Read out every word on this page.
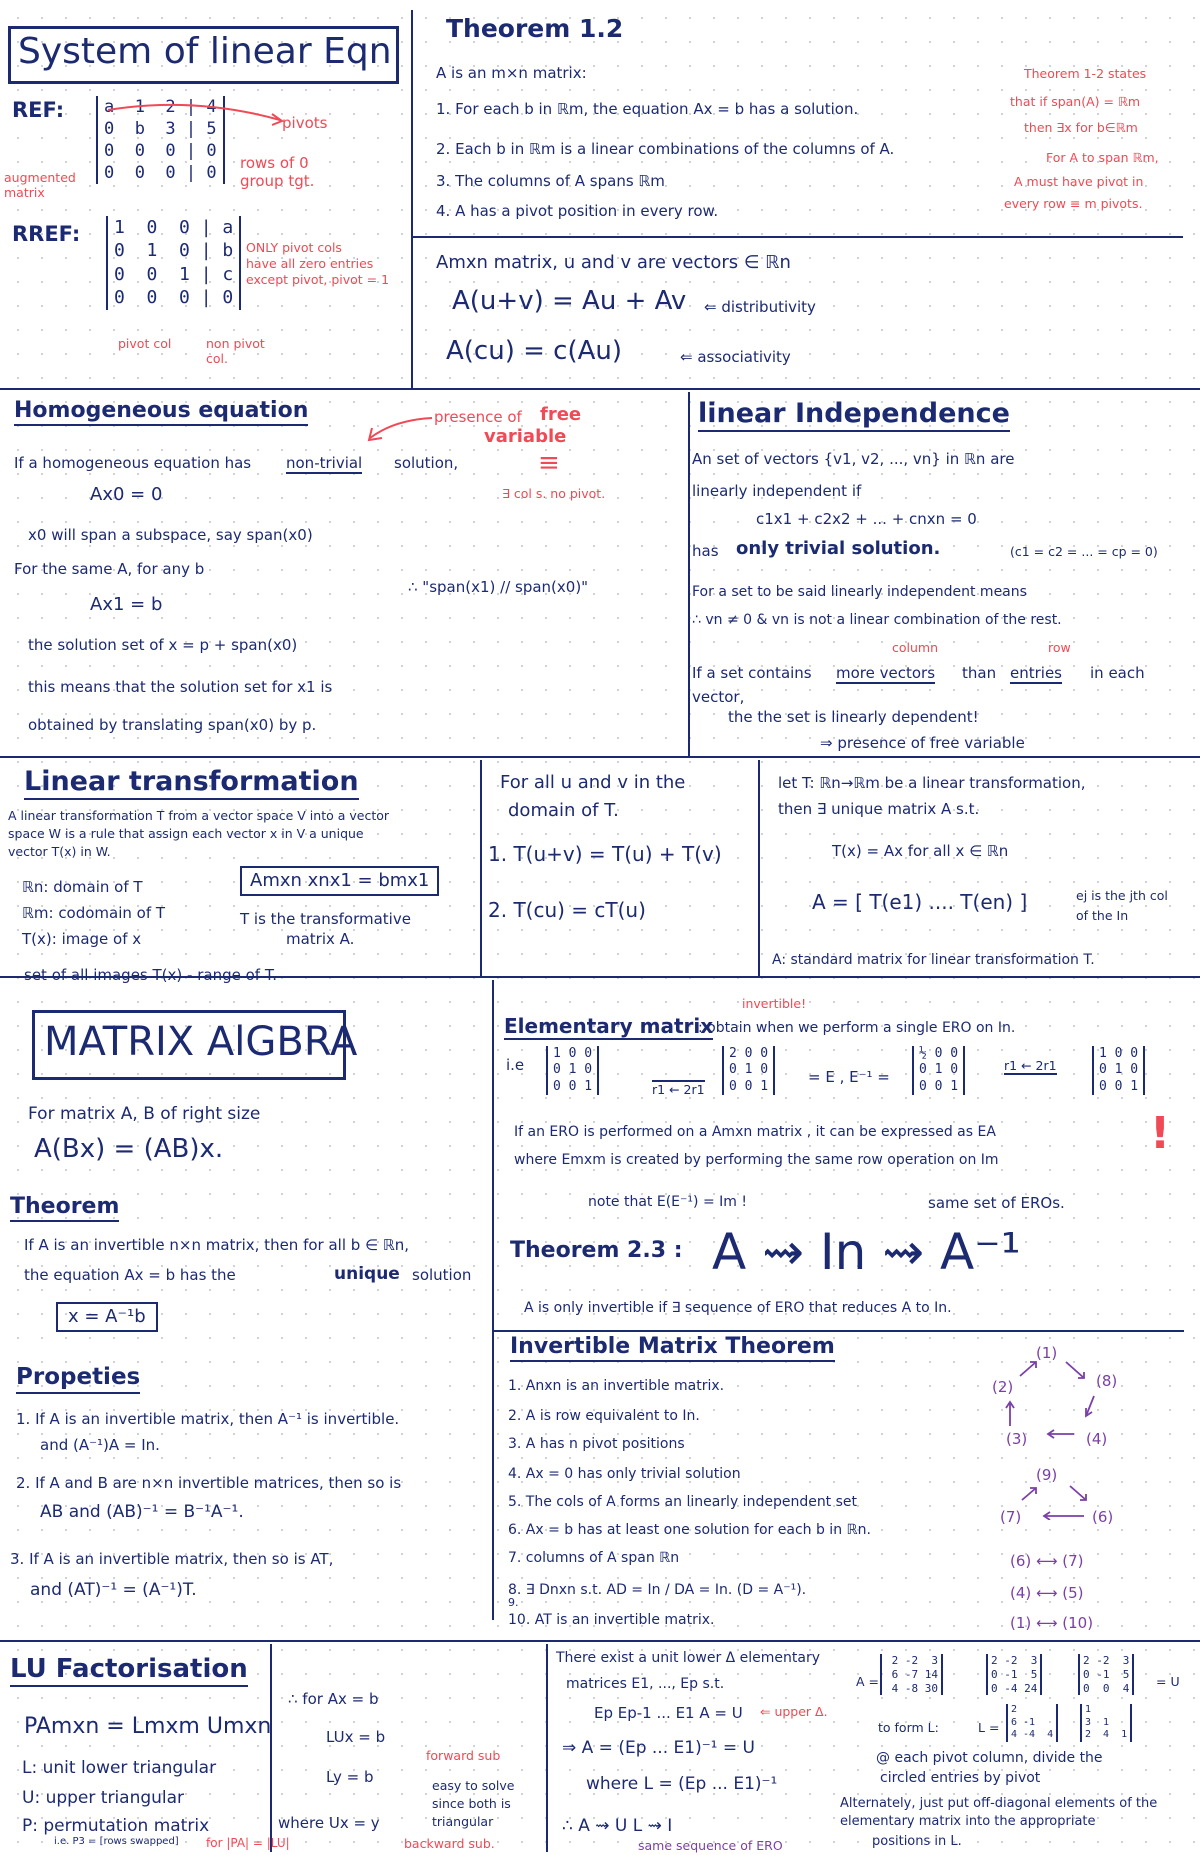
System of linear Eqn
REF:	a  1  2 | 4
0  b  3 | 5
0  0  0 | 0
0  0  0 | 0
pivots
rows of 0
group tgt.
augmented matrix
RREF:	1  0  0 | a
0  1  0 | b
0  0  1 | c
0  0  0 | 0
ONLY pivot cols
have all zero entries
except pivot, pivot = 1
pivot col	non pivot col.
Theorem 1.2
A is an m×n matrix:
1. For each b in ℝm, the equation Ax = b has a solution.
2. Each b in ℝm is a linear combinations of the columns of A.
3. The columns of A spans ℝm
4. A has a pivot position in every row.
Theorem 1-2 states
that if span(A) = ℝm
then ∃x for b∈ℝm
For A to span ℝm,
A must have pivot in
every row ≡ m pivots.
Amxn matrix, u and v are vectors ∈ ℝn
A(u+v) = Au + Av ⇐ distributivity
A(cu) = c(Au)	⇐ associativity
Homogeneous equation	presence of free
variable
≡
∃ col s. no pivot.
If a homogeneous equation has non-trivial solution,
Ax0 = 0
x0 will span a subspace, say span(x0)
For the same A, for any b
Ax1 = b
∴ "span(x1) // span(x0)"
the solution set of x = p + span(x0)
this means that the solution set for x1 is
obtained by translating span(x0) by p.
linear Independence
An set of vectors {v1, v2, ..., vn} in ℝn are
linearly independent if
c1x1 + c2x2 + ... + cnxn = 0
has only trivial solution.	(c1 = c2 = ... = cp = 0)
For a set to be said linearly independent means
∴ vn ≠ 0 & vn is not a linear combination of the rest.
column	row
If a set contains more vectors than entries in each
vector,
the the set is linearly dependent!
⇒ presence of free variable
Linear transformation
A linear transformation T from a vector space V into a vector
space W is a rule that assign each vector x in V a unique
vector T(x) in W.
ℝn: domain of T
ℝm: codomain of T
T(x): image of x
Amxn xnx1 = bmx1
T is the transformative
matrix A.
set of all images T(x) - range of T.
For all u and v in the
domain of T.
1. T(u+v) = T(u) + T(v)
2. T(cu) = cT(u)
let T: ℝn→ℝm be a linear transformation,
then ∃ unique matrix A s.t.
T(x) = Ax for all x ∈ ℝn
A = [ T(e1) .... T(en) ]	ej is the jth col
of the In
A: standard matrix for linear transformation T.
MATRIX AlGBRA
For matrix A, B of right size
A(Bx) = (AB)x.
Theorem
If A is an invertible n×n matrix, then for all b ∈ ℝn,
the equation Ax = b has the	unique solution
x = A⁻¹b
Propeties
1. If A is an invertible matrix, then A⁻¹ is invertible.
and (A⁻¹)A = In.
2. If A and B are n×n invertible matrices, then so is
AB and (AB)⁻¹ = B⁻¹A⁻¹.
3. If A is an invertible matrix, then so is AT,
and (AT)⁻¹ = (A⁻¹)T.
Elementary matrix
invertible!
: obtain when we perform a single ERO on In.
i.e
1 0 0
0 1 0
0 0 1	r1 ← 2r1
2 0 0
0 1 0
0 0 1	= E , E⁻¹ =
½ 0 0
0 1 0
0 0 1
r1 ← 2r1
1 0 0
0 1 0
0 0 1
If an ERO is performed on a Amxn matrix , it can be expressed as EA
where Emxm is created by performing the same row operation on Im
!
note that E(E⁻¹) = Im !	same set of EROs.
Theorem 2.3 : A ⇝ In ⇝ A⁻¹
A is only invertible if ∃ sequence of ERO that reduces A to In.
Invertible Matrix Theorem
1. Anxn is an invertible matrix.
2. A is row equivalent to In.
3. A has n pivot positions
4. Ax = 0 has only trivial solution
5. The cols of A forms an linearly independent set
6. Ax = b has at least one solution for each b in ℝn.
7. columns of A span ℝn
8. ∃ Dnxn s.t. AD = In / DA = In. (D = A⁻¹).
9.
10. AT is an invertible matrix.
(1)
(2)	(8)
(3)	(4)
(9)
(7)	(6)
(6) ⟷ (7)
(4) ⟷ (5)
(1) ⟷ (10)
LU Factorisation
PAmxn = Lmxm Umxn
L: unit lower triangular
U: upper triangular
P: permutation matrix
i.e. P3 = [rows swapped] for |PA| = |LU|
∴ for Ax = b
LUx = b
Ly = b
where Ux = y
forward sub
easy to solve
since both is
triangular
backward sub.
There exist a unit lower Δ elementary
matrices E1, ..., Ep s.t.
Ep Ep-1 ... E1 A = U ⇐ upper Δ.
⇒ A = (Ep ... E1)⁻¹ = U
where L = (Ep ... E1)⁻¹
∴ A ⇝ U L ⇝ I
same sequence of ERO
A =
2 -2  3
6 -7 14
4 -8 30
2 -2  3
0 -1  5
0 -4 24
2 -2  3
0 -1  5
0  0  4	= U
to form L:	L =
2
6 -1
4 -4  4
1
3  1
2  4  1
@ each pivot column, divide the
circled entries by pivot
Alternately, just put off-diagonal elements of the
elementary matrix into the appropriate
positions in L.
